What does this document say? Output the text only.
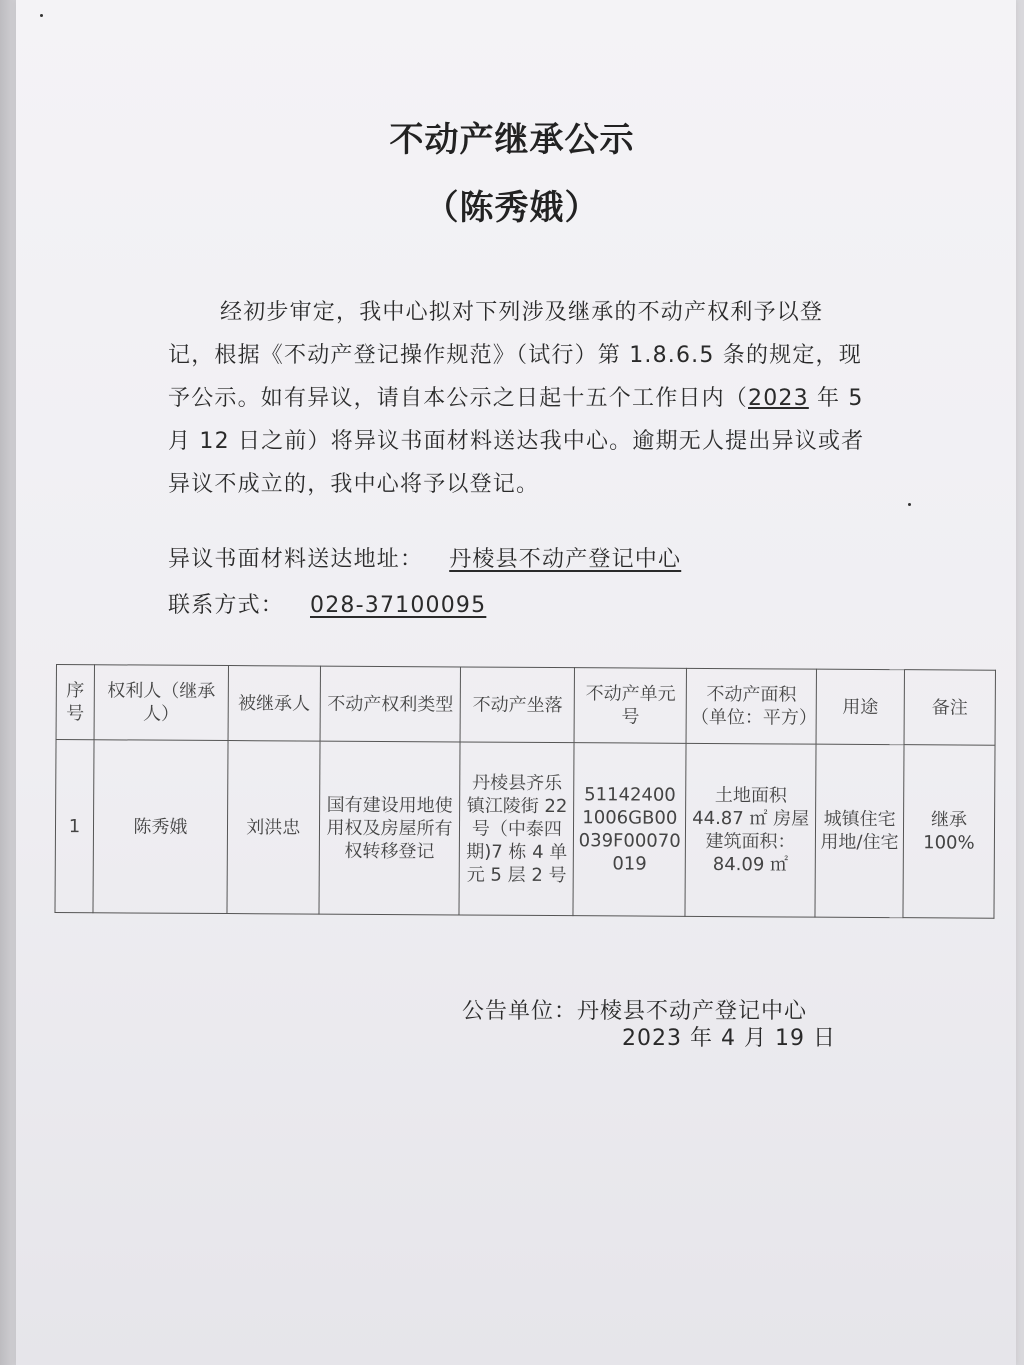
不动产继承公示
（陈秀娥）
经初步审定，我中心拟对下列涉及继承的不动产权利予以登记，根据《不动产登记操作规范》（试行）第 1.8.6.5 条的规定，现予公示。如有异议，请自本公示之日起十五个工作日内（2023 年 5 月 12 日之前）将异议书面材料送达我中心。逾期无人提出异议或者异议不成立的，我中心将予以登记。
异议书面材料送达地址： 丹棱县不动产登记中心
联系方式： 028-37100095
序号	权利人（继承人）	被继承人	不动产权利类型	不动产坐落	不动产单元号	不动产面积（单位：平方）	用途	备注
1	陈秀娥	刘洪忠	国有建设用地使用权及房屋所有权转移登记	丹棱县齐乐镇江陵街 22 号（中泰四期)7 栋 4 单元 5 层 2 号	511424001006GB00039F00070019	土地面积 44.87 ㎡ 房屋建筑面积：84.09 ㎡	城镇住宅用地/住宅	继承 100%
公告单位：丹棱县不动产登记中心
2023 年 4 月 19 日
